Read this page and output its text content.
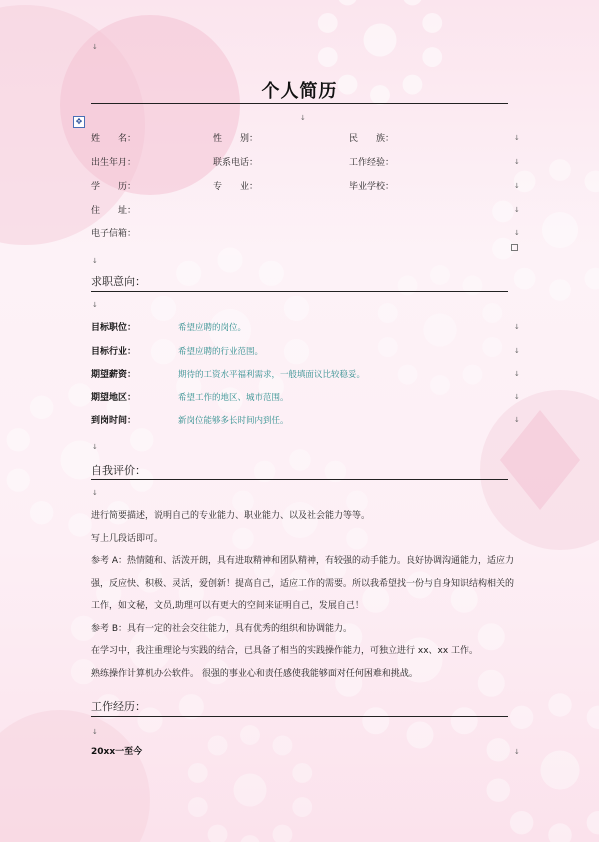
↓
个人简历
↓
✥
姓　　名：	性　　别：	民　　族：
出生年月：	联系电话：	工作经验：
学　　历：	专　　业：	毕业学校：
住　　址：
电子信箱：
↓
↓
↓
↓
↓
↓
求职意向：
↓
目标职位：	希望应聘的岗位。
目标行业：	希望应聘的行业范围。
期望薪资：	期待的工资水平福利需求，一般填面议比较稳妥。
期望地区：	希望工作的地区、城市范围。
到岗时间：	新岗位能够多长时间内到任。
↓
↓
↓
↓
↓
↓
自我评价：
↓

进行简要描述，说明自己的专业能力、职业能力、以及社会能力等等。

写上几段话即可。

参考 A：热情随和、活泼开朗，具有进取精神和团队精神，有较强的动手能力。良好协调沟通能力，适应力强，反应快、积极、灵活，爱创新！提高自己，适应工作的需要。所以我希望找一份与自身知识结构相关的工作，如文秘，文员,助理可以有更大的空间来证明自己，发展自己！

参考 B：具有一定的社会交往能力，具有优秀的组织和协调能力。

在学习中，我注重理论与实践的结合，已具备了相当的实践操作能力，可独立进行 xx、xx 工作。

熟练操作计算机办公软件。 很强的事业心和责任感使我能够面对任何困难和挑战。

工作经历：
↓
20xx一至今	↓
